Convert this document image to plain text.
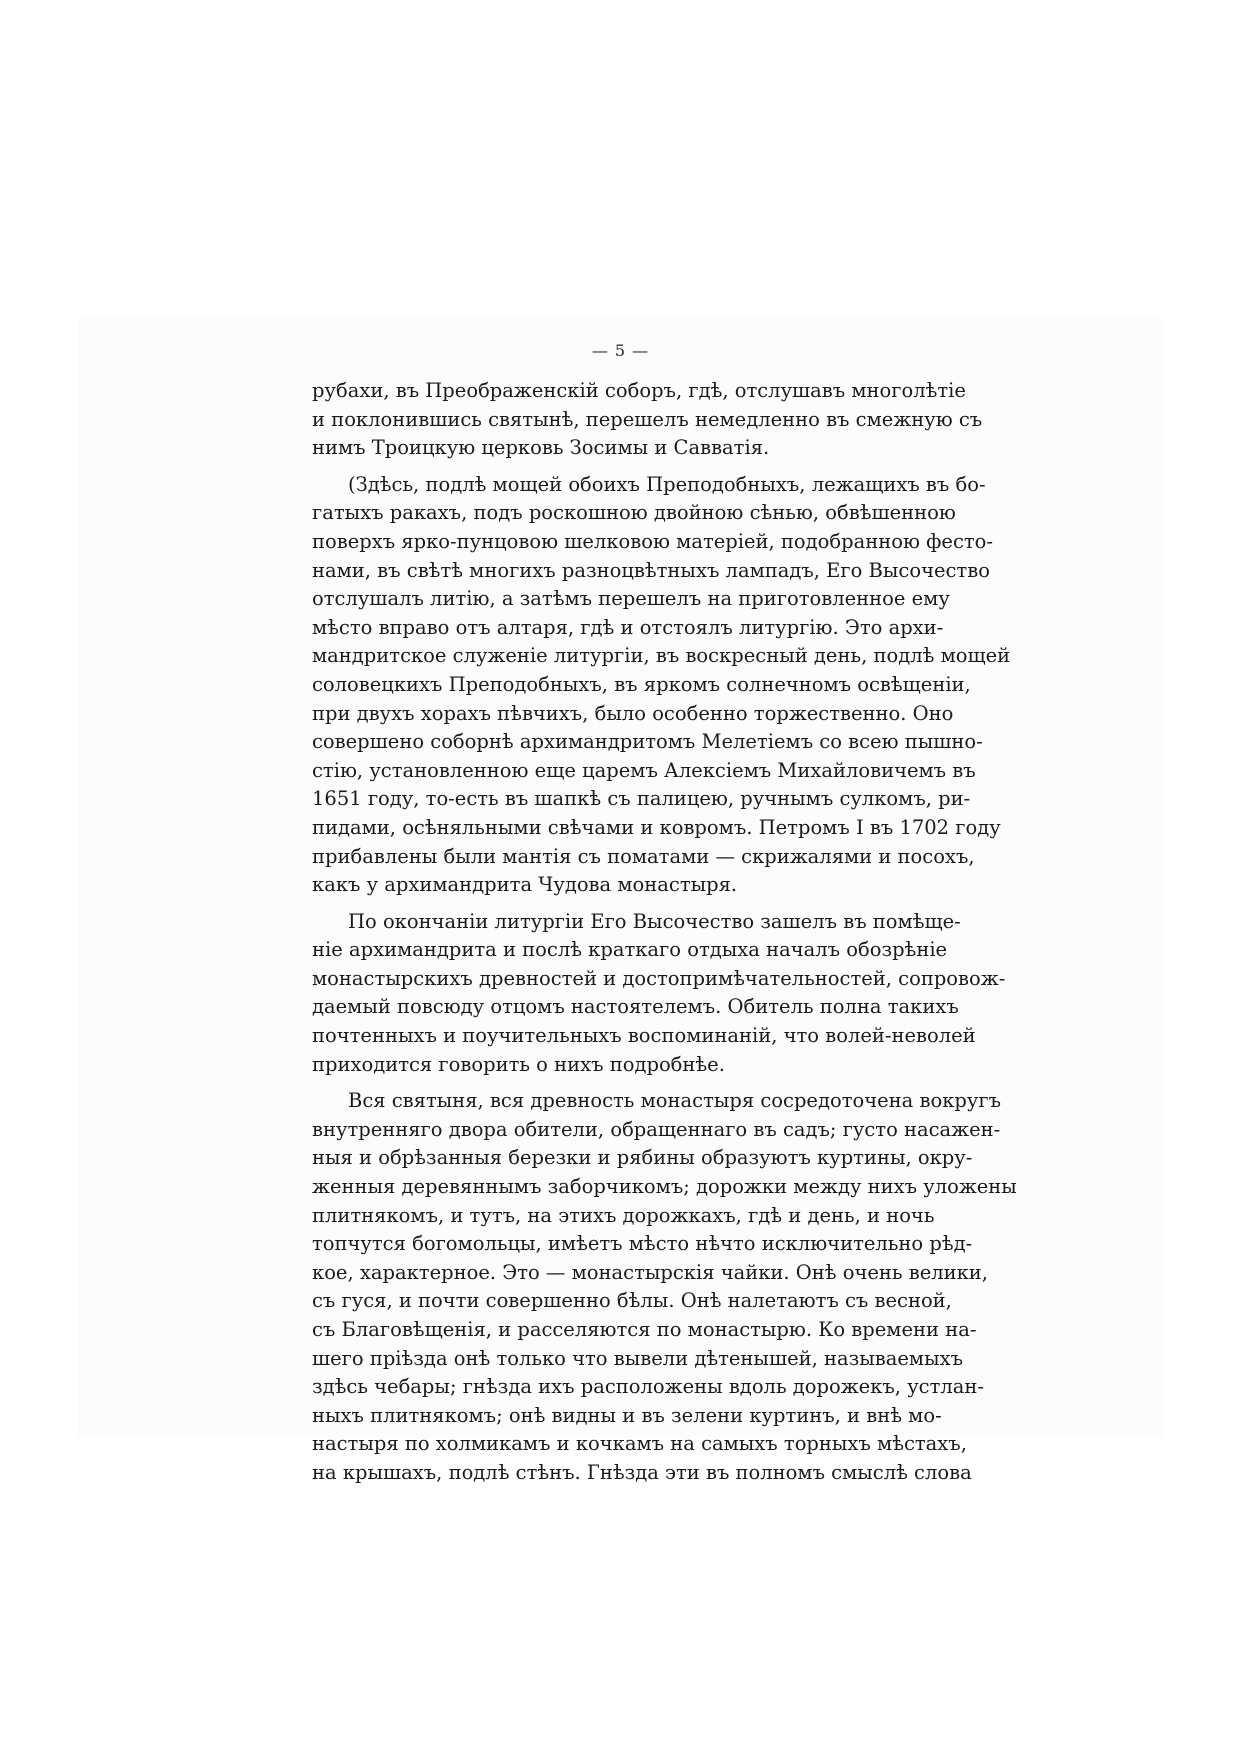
— 5 —
рубахи, въ Преображенскій соборъ, гдѣ, отслушавъ многолѣтіе
и поклонившись святынѣ, перешелъ немедленно въ смежную съ
нимъ Троицкую церковь Зосимы и Савватія.
(Здѣсь, подлѣ мощей обоихъ Преподобныхъ, лежащихъ въ бо-
гатыхъ ракахъ, подъ роскошною двойною сѣнью, обвѣшенною
поверхъ ярко-пунцовою шелковою матеріей, подобранною фесто-
нами, въ свѣтѣ многихъ разноцвѣтныхъ лампадъ, Его Высочество
отслушалъ литію, а затѣмъ перешелъ на приготовленное ему
мѣсто вправо отъ алтаря, гдѣ и отстоялъ литургію. Это архи-
мандритское служеніе литургіи, въ воскресный день, подлѣ мощей
соловецкихъ Преподобныхъ, въ яркомъ солнечномъ освѣщеніи,
при двухъ хорахъ пѣвчихъ, было особенно торжественно. Оно
совершено соборнѣ архимандритомъ Мелетіемъ со всею пышно-
стію, установленною еще царемъ Алексіемъ Михайловичемъ въ
1651 году, то-есть въ шапкѣ съ палицею, ручнымъ сулкомъ, ри-
пидами, осѣняльными свѣчами и ковромъ. Петромъ I въ 1702 году
прибавлены были мантія съ поматами — скрижалями и посохъ,
какъ у архимандрита Чудова монастыря.
По окончаніи литургіи Его Высочество зашелъ въ помѣще-
ніе архимандрита и послѣ краткаго отдыха началъ обозрѣніе
монастырскихъ древностей и достопримѣчательностей, сопровож-
даемый повсюду отцомъ настоятелемъ. Обитель полна такихъ
почтенныхъ и поучительныхъ воспоминаній, что волей-неволей
приходится говорить о нихъ подробнѣе.
Вся святыня, вся древность монастыря сосредоточена вокругъ
внутренняго двора обители, обращеннаго въ садъ; густо насажен-
ныя и обрѣзанныя березки и рябины образуютъ куртины, окру-
женныя деревяннымъ заборчикомъ; дорожки между нихъ уложены
плитнякомъ, и тутъ, на этихъ дорожкахъ, гдѣ и день, и ночь
топчутся богомольцы, имѣетъ мѣсто нѣчто исключительно рѣд-
кое, характерное. Это — монастырскія чайки. Онѣ очень велики,
съ гуся, и почти совершенно бѣлы. Онѣ налетаютъ съ весной,
съ Благовѣщенія, и расселяются по монастырю. Ко времени на-
шего пріѣзда онѣ только что вывели дѣтенышей, называемыхъ
здѣсь чебары; гнѣзда ихъ расположены вдоль дорожекъ, устлан-
ныхъ плитнякомъ; онѣ видны и въ зелени куртинъ, и внѣ мо-
настыря по холмикамъ и кочкамъ на самыхъ торныхъ мѣстахъ,
на крышахъ, подлѣ стѣнъ. Гнѣзда эти въ полномъ смыслѣ слова
